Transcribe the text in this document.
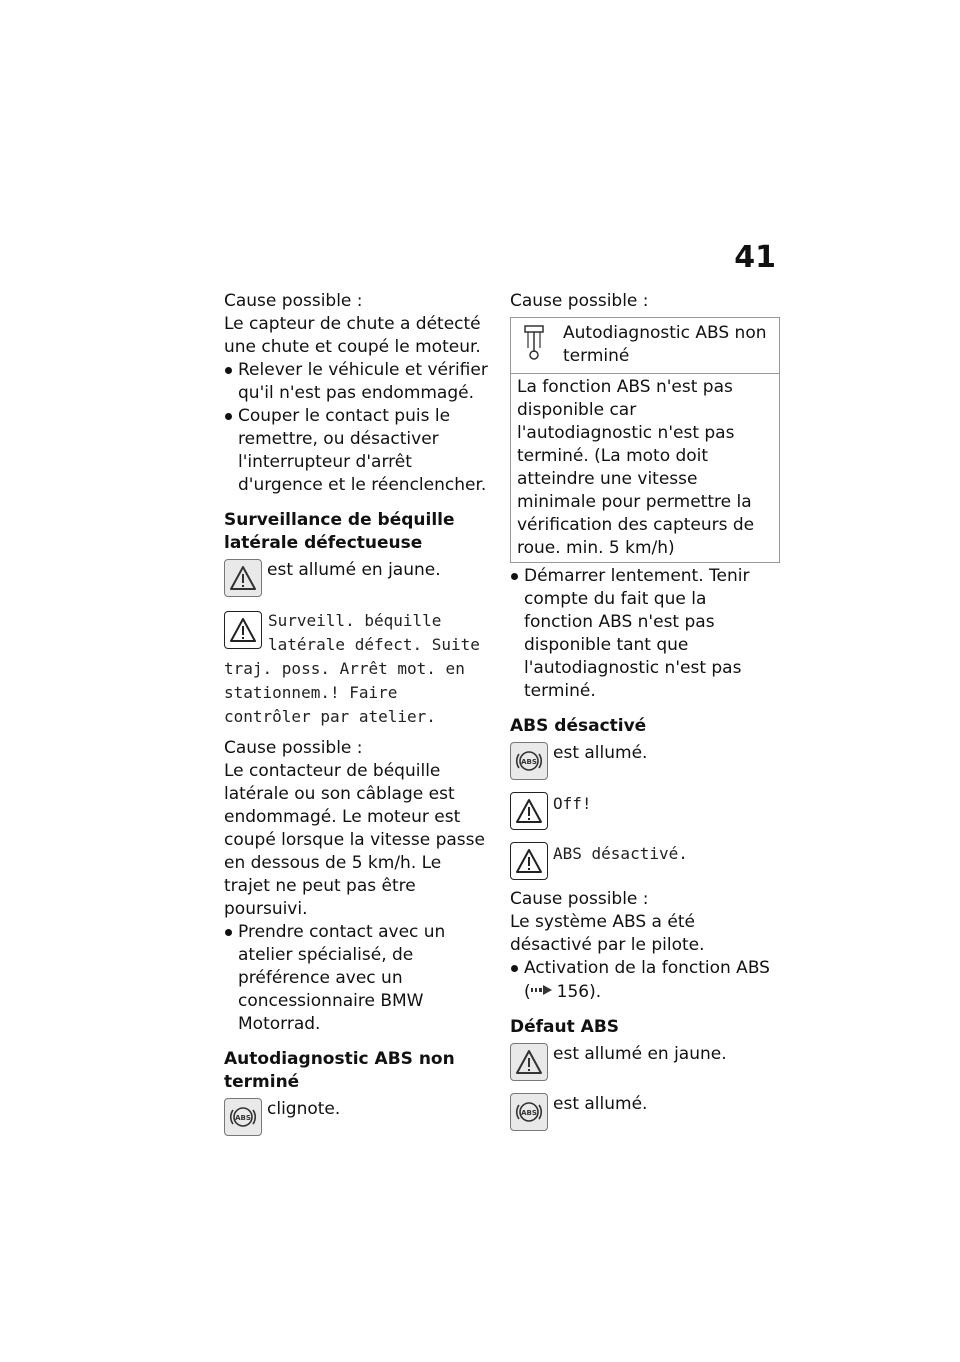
41

Cause possible :

Le capteur de chute a détecté une chute et coupé le moteur.

Relever le véhicule et vérifier qu'il n'est pas endommagé.
Couper le contact puis le remettre, ou désactiver l'interrupteur d'arrêt d'urgence et le réenclencher.

Surveillance de béquille latérale défectueuse

est allumé en jaune.
Surveill. béquille latérale défect. Suite traj. poss. Arrêt mot. en stationnem.! Faire contrôler par atelier.

Cause possible :

Le contacteur de béquille latérale ou son câblage est endommagé. Le moteur est coupé lorsque la vitesse passe en dessous de 5 km/h. Le trajet ne peut pas être poursuivi.

Prendre contact avec un atelier spécialisé, de préférence avec un concessionnaire BMW Motorrad.

Autodiagnostic ABS non terminé

ABS clignote.

Cause possible :

Autodiagnostic ABS non terminé
La fonction ABS n'est pas disponible car l'autodiagnostic n'est pas terminé. (La moto doit atteindre une vitesse minimale pour permettre la vérification des capteurs de roue. min. 5 km/h)
Démarrer lentement. Tenir compte du fait que la fonction ABS n'est pas disponible tant que l'autodiagnostic n'est pas terminé.

ABS désactivé

ABS est allumé.
Off!
ABS désactivé.

Cause possible :

Le système ABS a été désactivé par le pilote.

Activation de la fonction ABS
( 156).

Défaut ABS

est allumé en jaune.
ABS est allumé.
